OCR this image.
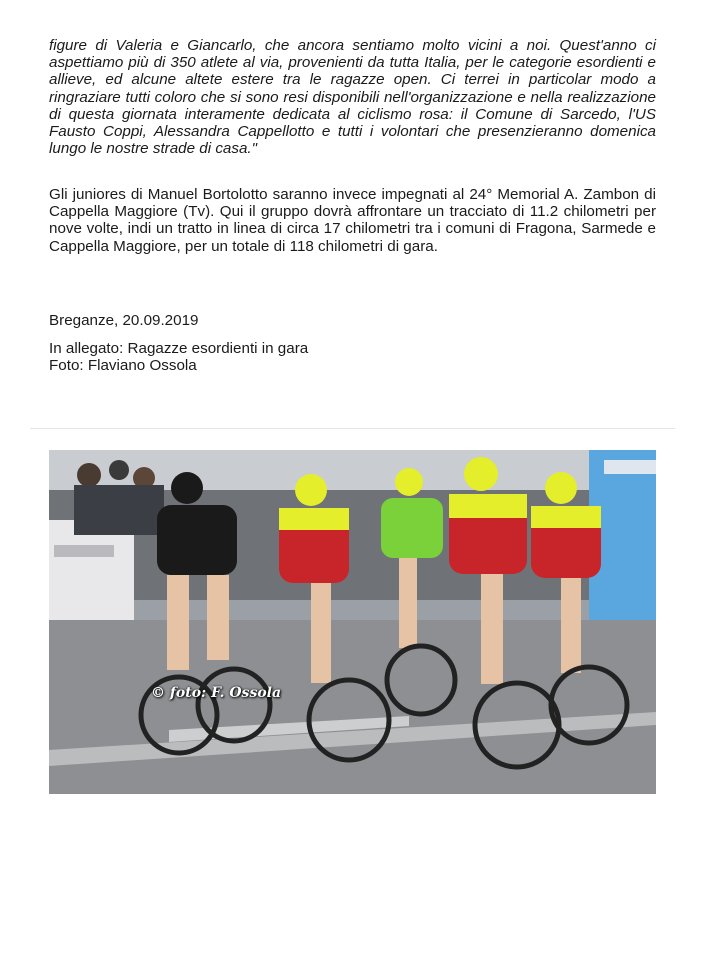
figure di Valeria e Giancarlo, che ancora sentiamo molto vicini a noi. Quest'anno ci aspettiamo più di 350 atlete al via, provenienti da tutta Italia, per le categorie esordienti e allieve, ed alcune altete estere tra le ragazze open. Ci terrei in particolar modo a ringraziare tutti coloro che si sono resi disponibili nell'organizzazione e nella realizzazione di questa giornata interamente dedicata al ciclismo rosa: il Comune di Sarcedo, l'US Fausto Coppi, Alessandra Cappellotto e tutti i volontari che presenzieranno domenica lungo le nostre strade di casa."
Gli juniores di Manuel Bortolotto saranno invece impegnati al 24° Memorial A. Zambon di Cappella Maggiore (Tv). Qui il gruppo dovrà affrontare un tracciato di 11.2 chilometri per nove volte, indi un tratto in linea di circa 17 chilometri tra i comuni di Fragona, Sarmede e Cappella Maggiore, per un totale di 118 chilometri di gara.
Breganze, 20.09.2019
In allegato: Ragazze esordienti in gara
Foto: Flaviano Ossola
© foto: F. Ossola
